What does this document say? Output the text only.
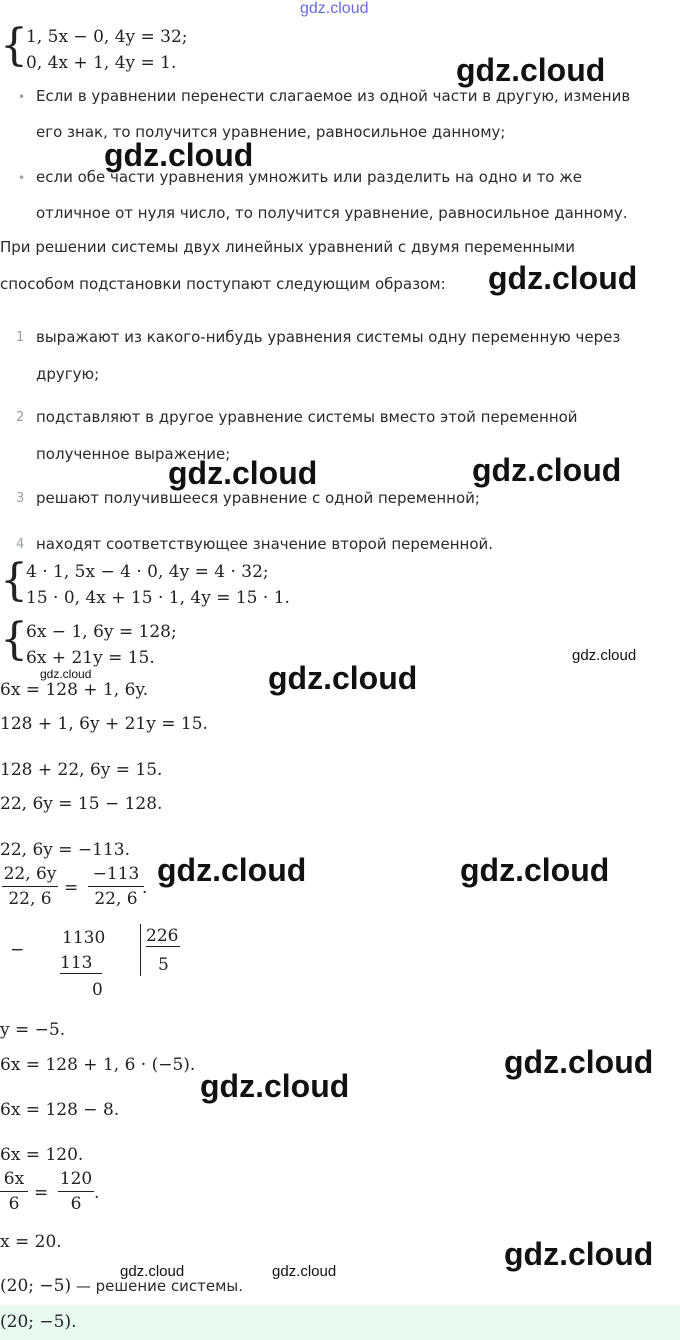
gdz.cloud
gdz.cloud
gdz.cloud
gdz.cloud
gdz.cloud	gdz.cloud
gdz.cloud
gdz.cloud	gdz.cloud
gdz.cloud	gdz.cloud
gdz.cloud
gdz.cloud
gdz.cloud
gdz.cloud	gdz.cloud
{
1, 5x − 0, 4y = 32;
0, 4x + 1, 4y = 1.
• Если в уравнении перенести слагаемое из одной части в другую, изменив
его знак, то получится уравнение, равносильное данному;
• если обе части уравнения умножить или разделить на одно и то же
отличное от нуля число, то получится уравнение, равносильное данному.
При решении системы двух линейных уравнений с двумя переменными
способом подстановки поступают следующим образом:
1 выражают из какого-нибудь уравнения системы одну переменную через
другую;
2 подставляют в другое уравнение системы вместо этой переменной
полученное выражение;
3 решают получившееся уравнение с одной переменной;
4 находят соответствующее значение второй переменной.
{
4 · 1, 5x − 4 · 0, 4y = 4 · 32;
15 · 0, 4x + 15 · 1, 4y = 15 · 1.
{
6x − 1, 6y = 128;
6x + 21y = 15.
6x = 128 + 1, 6y.
128 + 1, 6y + 21y = 15.
128 + 22, 6y = 15.
22, 6y = 15 − 128.
22, 6y = −113.
22, 6y
22, 6
=
−113
22, 6
.
−
1130
113
0
226
5
y = −5.
6x = 128 + 1, 6 · (−5).
6x = 128 − 8.
6x = 120.
6x
6
=
120
6
.
x = 20.
(20; −5) — решение системы.
(20; −5).
